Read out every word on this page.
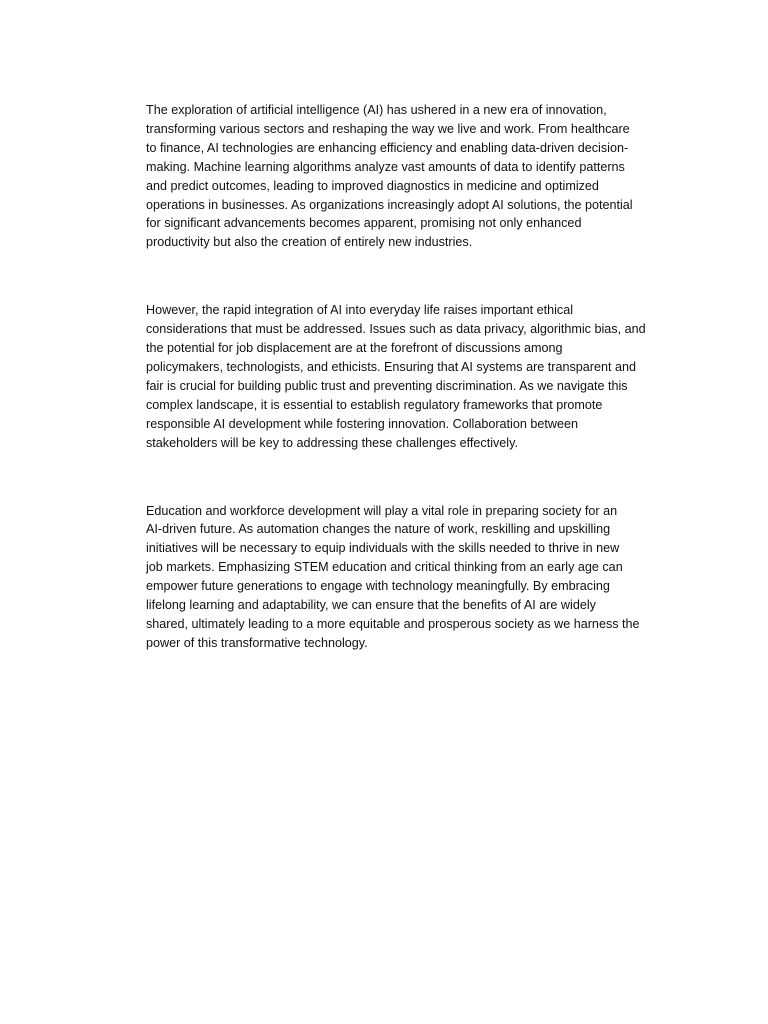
The exploration of artificial intelligence (AI) has ushered in a new era of innovation,
transforming various sectors and reshaping the way we live and work. From healthcare
to finance, AI technologies are enhancing efficiency and enabling data-driven decision-
making. Machine learning algorithms analyze vast amounts of data to identify patterns
and predict outcomes, leading to improved diagnostics in medicine and optimized
operations in businesses. As organizations increasingly adopt AI solutions, the potential
for significant advancements becomes apparent, promising not only enhanced
productivity but also the creation of entirely new industries.

However, the rapid integration of AI into everyday life raises important ethical
considerations that must be addressed. Issues such as data privacy, algorithmic bias, and
the potential for job displacement are at the forefront of discussions among
policymakers, technologists, and ethicists. Ensuring that AI systems are transparent and
fair is crucial for building public trust and preventing discrimination. As we navigate this
complex landscape, it is essential to establish regulatory frameworks that promote
responsible AI development while fostering innovation. Collaboration between
stakeholders will be key to addressing these challenges effectively.

Education and workforce development will play a vital role in preparing society for an
AI-driven future. As automation changes the nature of work, reskilling and upskilling
initiatives will be necessary to equip individuals with the skills needed to thrive in new
job markets. Emphasizing STEM education and critical thinking from an early age can
empower future generations to engage with technology meaningfully. By embracing
lifelong learning and adaptability, we can ensure that the benefits of AI are widely
shared, ultimately leading to a more equitable and prosperous society as we harness the
power of this transformative technology.
